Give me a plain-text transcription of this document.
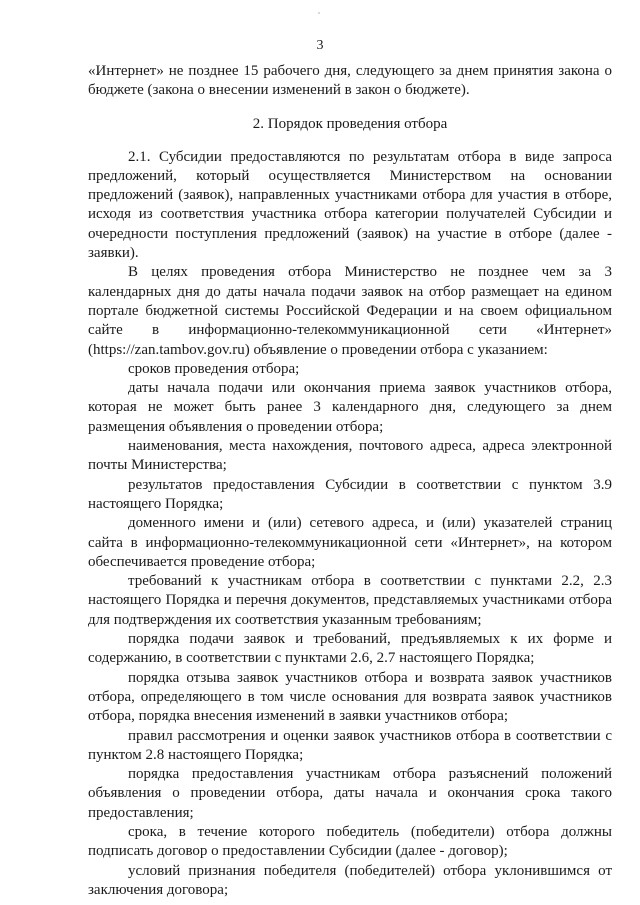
3

«Интернет» не позднее 15 рабочего дня, следующего за днем принятия закона о бюджете (закона о внесении изменений в закон о бюджете).

2. Порядок проведения отбора

2.1. Субсидии предоставляются по результатам отбора в виде запроса предложений, который осуществляется Министерством на основании предложений (заявок), направленных участниками отбора для участия в отборе, исходя из соответствия участника отбора категории получателей Субсидии и очередности поступления предложений (заявок) на участие в отборе (далее - заявки).

В целях проведения отбора Министерство не позднее чем за 3 календарных дня до даты начала подачи заявок на отбор размещает на едином портале бюджетной системы Российской Федерации и на своем официальном сайте в информационно-телекоммуникационной сети «Интернет» (https://zan.tambov.gov.ru) объявление о проведении отбора с указанием:

сроков проведения отбора;

даты начала подачи или окончания приема заявок участников отбора, которая не может быть ранее 3 календарного дня, следующего за днем размещения объявления о проведении отбора;

наименования, места нахождения, почтового адреса, адреса электронной почты Министерства;

результатов предоставления Субсидии в соответствии с пунктом 3.9 настоящего Порядка;

доменного имени и (или) сетевого адреса, и (или) указателей страниц сайта в информационно-телекоммуникационной сети «Интернет», на котором обеспечивается проведение отбора;

требований к участникам отбора в соответствии с пунктами 2.2, 2.3 настоящего Порядка и перечня документов, представляемых участниками отбора для подтверждения их соответствия указанным требованиям;

порядка подачи заявок и требований, предъявляемых к их форме и содержанию, в соответствии с пунктами 2.6, 2.7 настоящего Порядка;

порядка отзыва заявок участников отбора и возврата заявок участников отбора, определяющего в том числе основания для возврата заявок участников отбора, порядка внесения изменений в заявки участников отбора;

правил рассмотрения и оценки заявок участников отбора в соответствии с пунктом 2.8 настоящего Порядка;

порядка предоставления участникам отбора разъяснений положений объявления о проведении отбора, даты начала и окончания срока такого предоставления;

срока, в течение которого победитель (победители) отбора должны подписать договор о предоставлении Субсидии (далее - договор);

условий признания победителя (победителей) отбора уклонившимся от заключения договора;
